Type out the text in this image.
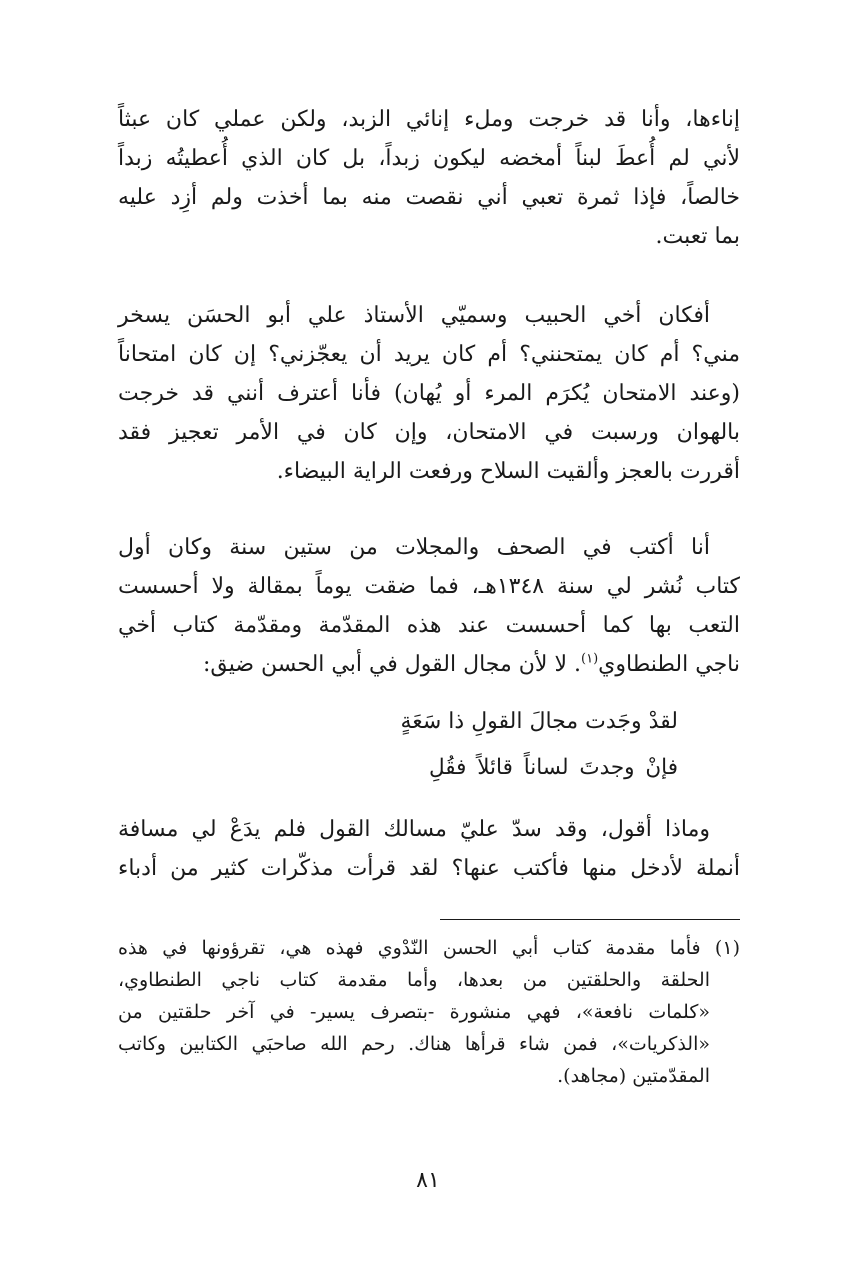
إناءها، وأنا قد خرجت وملء إنائي الزبد، ولكن عملي كان عبثاً
لأني لم أُعطَ لبناً أمخضه ليكون زبداً، بل كان الذي أُعطيتُه زبداً
خالصاً، فإذا ثمرة تعبي أني نقصت منه بما أخذت ولم أزِد عليه
بما تعبت.
أفكان أخي الحبيب وسميّي الأستاذ علي أبو الحسَن يسخر
مني؟ أم كان يمتحنني؟ أم كان يريد أن يعجّزني؟ إن كان امتحاناً
(وعند الامتحان يُكرَم المرء أو يُهان) فأنا أعترف أنني قد خرجت
بالهوان ورسبت في الامتحان، وإن كان في الأمر تعجيز فقد
أقررت بالعجز وألقيت السلاح ورفعت الراية البيضاء.
أنا أكتب في الصحف والمجلات من ستين سنة وكان أول
كتاب نُشر لي سنة ١٣٤٨هـ، فما ضقت يوماً بمقالة ولا أحسست
التعب بها كما أحسست عند هذه المقدّمة ومقدّمة كتاب أخي
ناجي الطنطاوي$^{(١)}$. لا لأن مجال القول في أبي الحسن ضيق:
لقدْ وجَدت مجالَ القولِ ذا سَعَةٍ
فإنْ وجدتَ لساناً قائلاً فقُلِ
وماذا أقول، وقد سدّ عليّ مسالك القول فلم يدَعْ لي مسافة
أنملة لأدخل منها فأكتب عنها؟ لقد قرأت مذكّرات كثير من أدباء
(١) فأما مقدمة كتاب أبي الحسن النّدْوي فهذه هي، تقرؤونها في هذه
الحلقة والحلقتين من بعدها، وأما مقدمة كتاب ناجي الطنطاوي،
«كلمات نافعة»، فهي منشورة -بتصرف يسير- في آخر حلقتين من
«الذكريات»، فمن شاء قرأها هناك. رحم الله صاحبَي الكتابين وكاتب
المقدّمتين (مجاهد).
٨١
